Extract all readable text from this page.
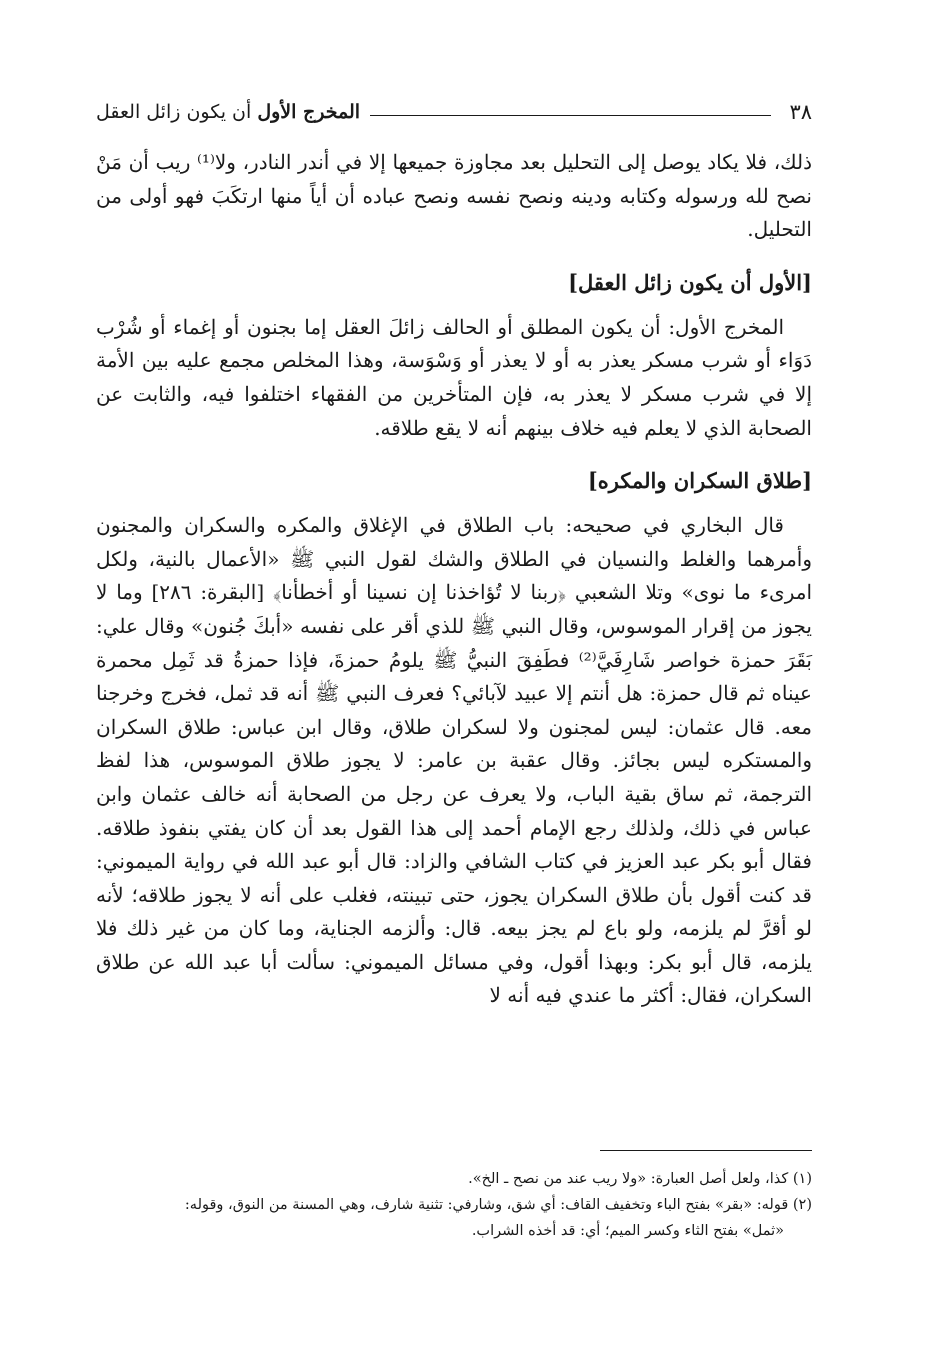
٣٨
المخرج الأول أن يكون زائل العقل

ذلك، فلا يكاد يوصل إلى التحليل بعد مجاوزة جميعها إلا في أندر النادر، ولا⁽¹⁾ ريب أن مَنْ نصح لله ورسوله وكتابه ودينه ونصح نفسه ونصح عباده أن أياً منها ارتكَبَ فهو أولى من التحليل.

[الأول أن يكون زائل العقل]

المخرج الأول: أن يكون المطلق أو الحالف زائلَ العقل إما بجنون أو إغماء أو شُرْب دَوَاء أو شرب مسكر يعذر به أو لا يعذر أو وَسْوَسة، وهذا المخلص مجمع عليه بين الأمة إلا في شرب مسكر لا يعذر به، فإن المتأخرين من الفقهاء اختلفوا فيه، والثابت عن الصحابة الذي لا يعلم فيه خلاف بينهم أنه لا يقع طلاقه.

[طلاق السكران والمكره]

قال البخاري في صحيحه: باب الطلاق في الإغلاق والمكره والسكران والمجنون وأمرهما والغلط والنسيان في الطلاق والشك لقول النبي ﷺ «الأعمال بالنية، ولكل امرىء ما نوى» وتلا الشعبي ﴿ربنا لا تُؤاخذنا إن نسينا أو أخطأنا﴾ [البقرة: ٢٨٦] وما لا يجوز من إقرار الموسوس، وقال النبي ﷺ للذي أقر على نفسه «أبكَ جُنون» وقال علي: بَقَرَ حمزة خواصر شَارِفَيَّ⁽²⁾ فطَفِقَ النبيُّ ﷺ يلومُ حمزةَ، فإذا حمزةُ قد ثَمِل محمرة عيناه ثم قال حمزة: هل أنتم إلا عبيد لآبائي؟ فعرف النبي ﷺ أنه قد ثمل، فخرج وخرجنا معه. قال عثمان: ليس لمجنون ولا لسكران طلاق، وقال ابن عباس: طلاق السكران والمستكره ليس بجائز. وقال عقبة بن عامر: لا يجوز طلاق الموسوس، هذا لفظ الترجمة، ثم ساق بقية الباب، ولا يعرف عن رجل من الصحابة أنه خالف عثمان وابن عباس في ذلك، ولذلك رجع الإمام أحمد إلى هذا القول بعد أن كان يفتي بنفوذ طلاقه. فقال أبو بكر عبد العزيز في كتاب الشافي والزاد: قال أبو عبد الله في رواية الميموني: قد كنت أقول بأن طلاق السكران يجوز، حتى تبينته، فغلب على أنه لا يجوز طلاقه؛ لأنه لو أقرَّ لم يلزمه، ولو باع لم يجز بيعه. قال: وألزمه الجناية، وما كان من غير ذلك فلا يلزمه، قال أبو بكر: وبهذا أقول، وفي مسائل الميموني: سألت أبا عبد الله عن طلاق السكران، فقال: أكثر ما عندي فيه أنه لا

(١) كذا، ولعل أصل العبارة: «ولا ريب عند من نصح ـ الخ».

(٢) قوله: «بقر» بفتح الباء وتخفيف القاف: أي شق، وشارفي: تثنية شارف، وهي المسنة من النوق، وقوله:

«ثمل» بفتح الثاء وكسر الميم؛ أي: قد أخذه الشراب.
